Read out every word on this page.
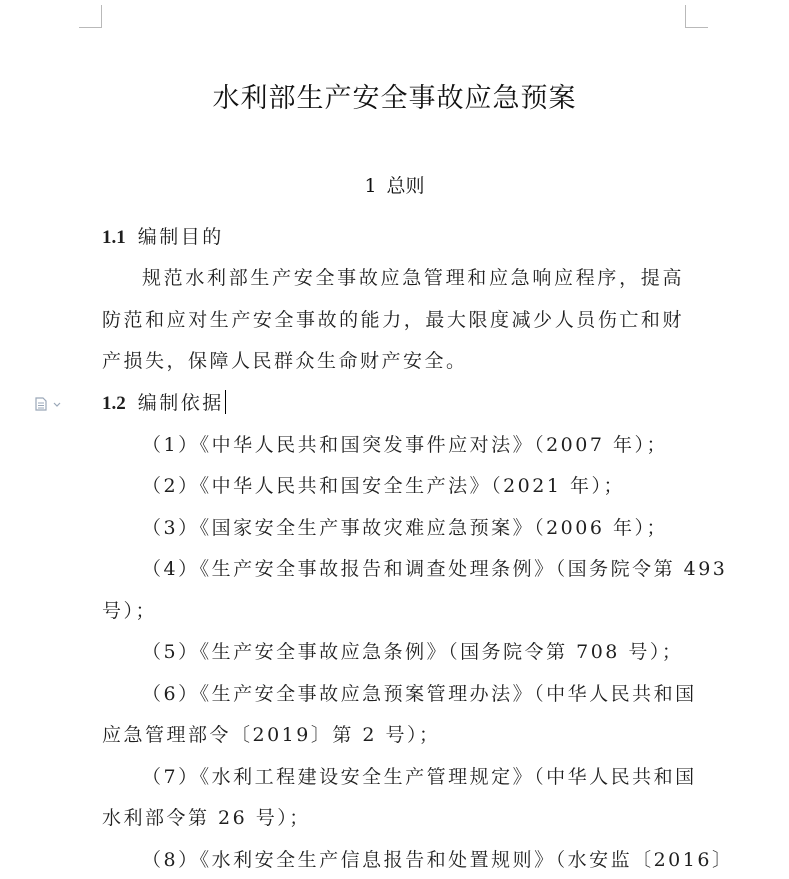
水利部生产安全事故应急预案
1 总则
1.1 编制目的
规范水利部生产安全事故应急管理和应急响应程序，提高
防范和应对生产安全事故的能力，最大限度减少人员伤亡和财
产损失，保障人民群众生命财产安全。
1.2 编制依据
（1）《中华人民共和国突发事件应对法》（2007 年）；
（2）《中华人民共和国安全生产法》（2021 年）；
（3）《国家安全生产事故灾难应急预案》（2006 年）；
（4）《生产安全事故报告和调查处理条例》（国务院令第 493
号）；
（5）《生产安全事故应急条例》（国务院令第 708 号）；
（6）《生产安全事故应急预案管理办法》（中华人民共和国
应急管理部令〔2019〕第 2 号）；
（7）《水利工程建设安全生产管理规定》（中华人民共和国
水利部令第 26 号）；
（8）《水利安全生产信息报告和处置规则》（水安监〔2016〕
